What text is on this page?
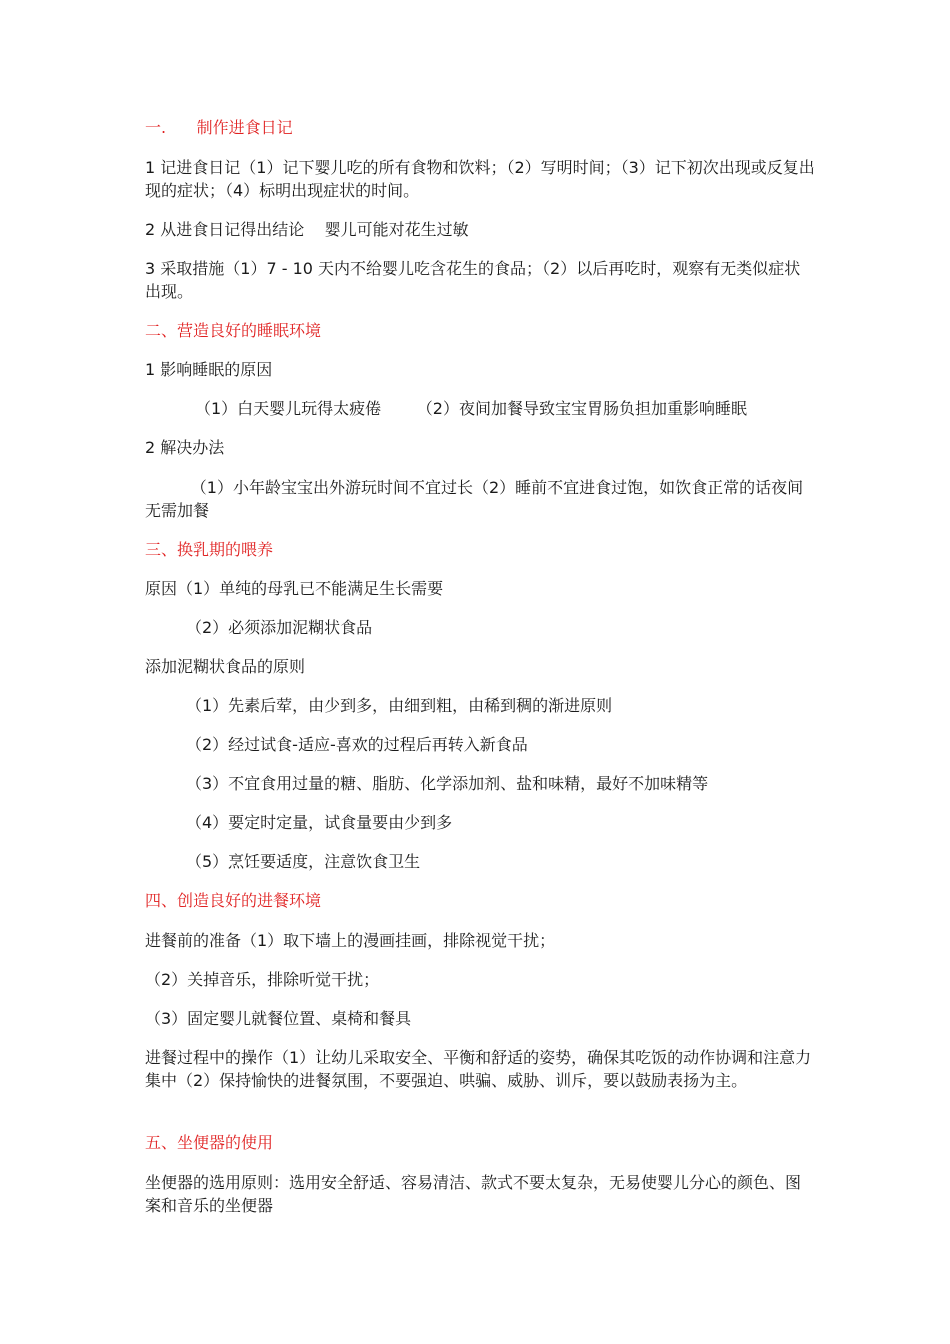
一.      制作进食日记

1 记进食日记（1）记下婴儿吃的所有食物和饮料；（2）写明时间；（3）记下初次出现或反复出现的症状；（4）标明出现症状的时间。

2 从进食日记得出结论    婴儿可能对花生过敏

3 采取措施（1）7 - 10 天内不给婴儿吃含花生的食品；（2）以后再吃时，观察有无类似症状出现。

二、营造良好的睡眠环境

1 影响睡眠的原因

（1）白天婴儿玩得太疲倦       （2）夜间加餐导致宝宝胃肠负担加重影响睡眠

2 解决办法

（1）小年龄宝宝出外游玩时间不宜过长（2）睡前不宜进食过饱，如饮食正常的话夜间无需加餐

三、换乳期的喂养

原因（1）单纯的母乳已不能满足生长需要

（2）必须添加泥糊状食品

添加泥糊状食品的原则

（1）先素后荤，由少到多，由细到粗，由稀到稠的渐进原则

（2）经过试食-适应-喜欢的过程后再转入新食品

（3）不宜食用过量的糖、脂肪、化学添加剂、盐和味精，最好不加味精等

（4）要定时定量，试食量要由少到多

（5）烹饪要适度，注意饮食卫生

四、创造良好的进餐环境

进餐前的准备（1）取下墙上的漫画挂画，排除视觉干扰；

（2）关掉音乐，排除听觉干扰；

（3）固定婴儿就餐位置、桌椅和餐具

进餐过程中的操作（1）让幼儿采取安全、平衡和舒适的姿势，确保其吃饭的动作协调和注意力集中（2）保持愉快的进餐氛围，不要强迫、哄骗、威胁、训斥，要以鼓励表扬为主。

五、坐便器的使用

坐便器的选用原则：选用安全舒适、容易清洁、款式不要太复杂，无易使婴儿分心的颜色、图案和音乐的坐便器
